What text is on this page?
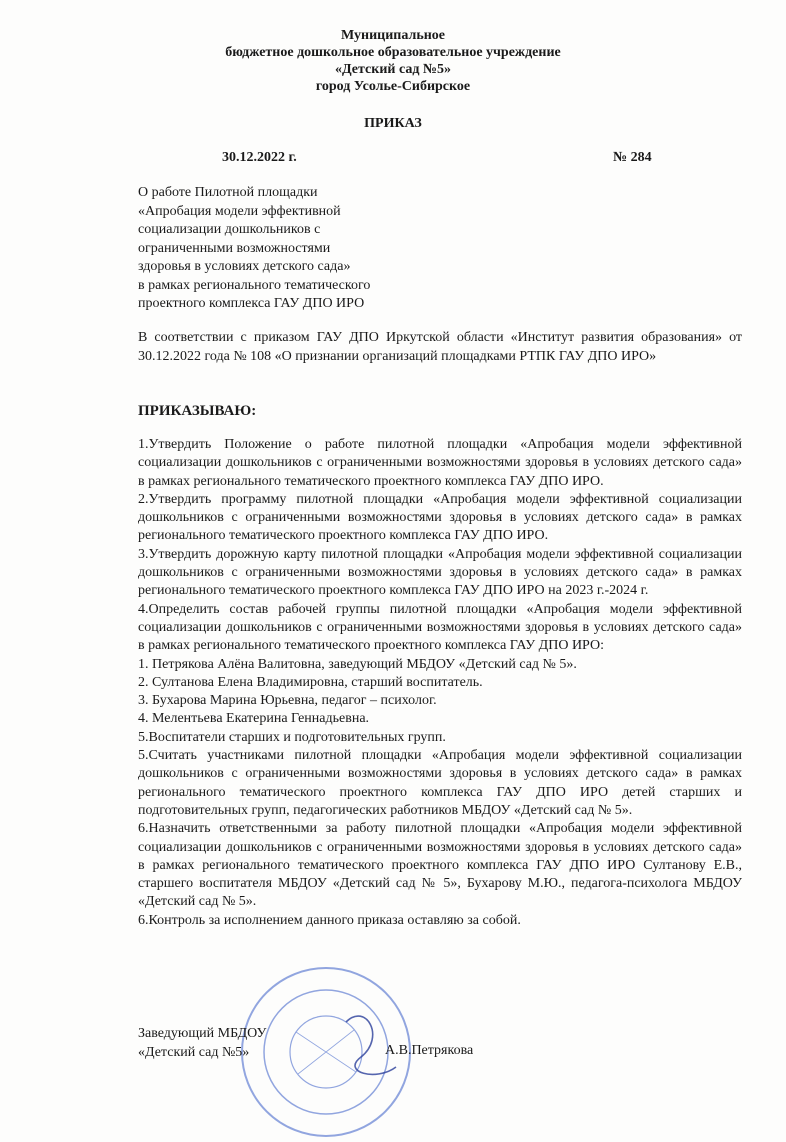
Муниципальное
бюджетное дошкольное образовательное учреждение
«Детский сад №5»
город Усолье-Сибирское
ПРИКАЗ
30.12.2022 г.	№ 284
О работе Пилотной площадки
«Апробация модели эффективной
социализации дошкольников с
ограниченными возможностями
здоровья в условиях детского сада»
в рамках регионального тематического
проектного комплекса ГАУ ДПО ИРО
В соответствии с приказом ГАУ ДПО Иркутской области «Институт развития образования» от 30.12.2022 года № 108 «О признании организаций площадками РТПК ГАУ ДПО ИРО»
ПРИКАЗЫВАЮ:

1.Утвердить Положение о работе пилотной площадки «Апробация модели эффективной социализации дошкольников с ограниченными возможностями здоровья в условиях детского сада» в рамках регионального тематического проектного комплекса ГАУ ДПО ИРО.

2.Утвердить программу пилотной площадки «Апробация модели эффективной социализации дошкольников с ограниченными возможностями здоровья в условиях детского сада» в рамках регионального тематического проектного комплекса ГАУ ДПО ИРО.

3.Утвердить дорожную карту пилотной площадки «Апробация модели эффективной социализации дошкольников с ограниченными возможностями здоровья в условиях детского сада» в рамках регионального тематического проектного комплекса ГАУ ДПО ИРО на 2023 г.-2024 г.

4.Определить состав рабочей группы пилотной площадки «Апробация модели эффективной социализации дошкольников с ограниченными возможностями здоровья в условиях детского сада» в рамках регионального тематического проектного комплекса ГАУ ДПО ИРО:

1. Петрякова Алёна Валитовна, заведующий МБДОУ «Детский сад № 5».

2. Султанова Елена Владимировна, старший воспитатель.

3. Бухарова Марина Юрьевна, педагог – психолог.

4. Мелентьева Екатерина Геннадьевна.

5.Воспитатели старших и подготовительных групп.

5.Считать участниками пилотной площадки «Апробация модели эффективной социализации дошкольников с ограниченными возможностями здоровья в условиях детского сада» в рамках регионального тематического проектного комплекса ГАУ ДПО ИРО детей старших и подготовительных групп, педагогических работников МБДОУ «Детский сад № 5».

6.Назначить ответственными за работу пилотной площадки «Апробация модели эффективной социализации дошкольников с ограниченными возможностями здоровья в условиях детского сада» в рамках регионального тематического проектного комплекса ГАУ ДПО ИРО Султанову Е.В., старшего воспитателя МБДОУ «Детский сад № 5», Бухарову М.Ю., педагога-психолога МБДОУ «Детский сад № 5».

6.Контроль за исполнением данного приказа оставляю за собой.

Заведующий МБДОУ
«Детский сад №5»	А.В.Петрякова
